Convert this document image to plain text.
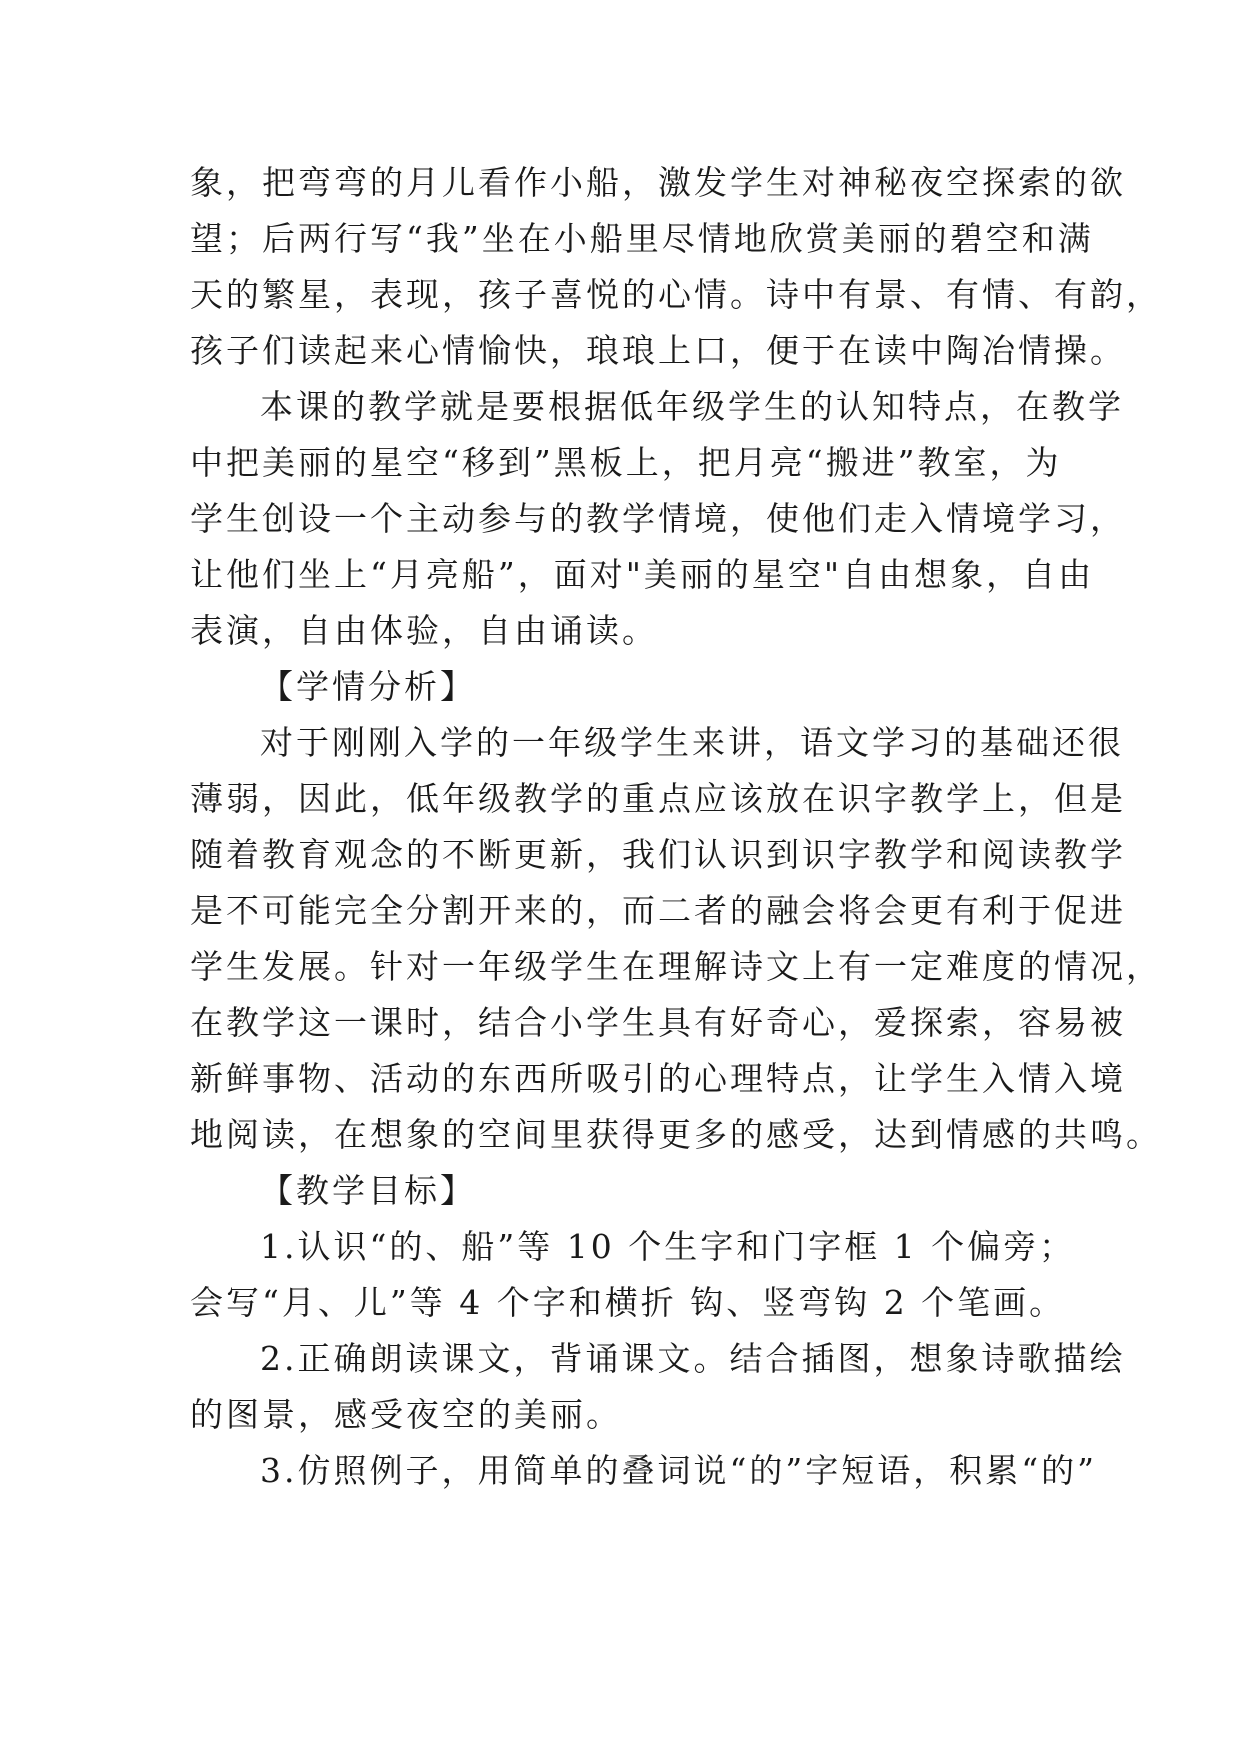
象，把弯弯的月儿看作小船，激发学生对神秘夜空探索的欲
望；后两行写“我”坐在小船里尽情地欣赏美丽的碧空和满
天的繁星，表现，孩子喜悦的心情。诗中有景、有情、有韵，
孩子们读起来心情愉快，琅琅上口，便于在读中陶冶情操。
本课的教学就是要根据低年级学生的认知特点，在教学
中把美丽的星空“移到”黑板上，把月亮“搬进”教室，为
学生创设一个主动参与的教学情境，使他们走入情境学习，
让他们坐上“月亮船”，面对"美丽的星空"自由想象，自由
表演，自由体验，自由诵读。
【学情分析】
对于刚刚入学的一年级学生来讲，语文学习的基础还很
薄弱，因此，低年级教学的重点应该放在识字教学上，但是
随着教育观念的不断更新，我们认识到识字教学和阅读教学
是不可能完全分割开来的，而二者的融会将会更有利于促进
学生发展。针对一年级学生在理解诗文上有一定难度的情况，
在教学这一课时，结合小学生具有好奇心，爱探索，容易被
新鲜事物、活动的东西所吸引的心理特点，让学生入情入境
地阅读，在想象的空间里获得更多的感受，达到情感的共鸣。
【教学目标】
1.认识“的、船”等 10 个生字和门字框 1 个偏旁；
会写“月、儿”等 4 个字和横折 钩、竖弯钩 2 个笔画。
2.正确朗读课文，背诵课文。结合插图，想象诗歌描绘
的图景，感受夜空的美丽。
3.仿照例子，用简单的叠词说“的”字短语，积累“的”
